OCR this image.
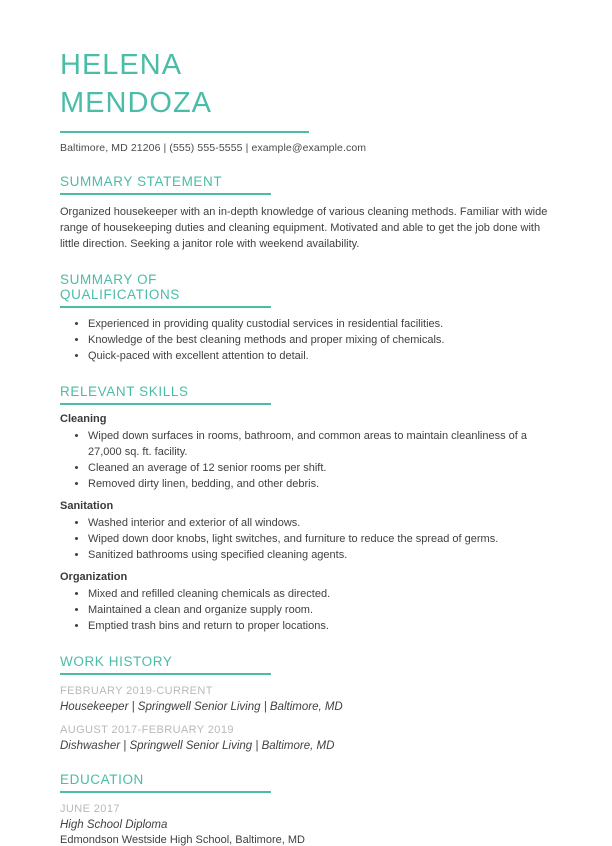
HELENA
MENDOZA
Baltimore, MD 21206 | (555) 555-5555 | example@example.com
SUMMARY STATEMENT

Organized housekeeper with an in-depth knowledge of various cleaning methods. Familiar with wide range of housekeeping duties and cleaning equipment. Motivated and able to get the job done with little direction. Seeking a janitor role with weekend availability.

SUMMARY OF QUALIFICATIONS
• Experienced in providing quality custodial services in residential facilities.
• Knowledge of the best cleaning methods and proper mixing of chemicals.
• Quick-paced with excellent attention to detail.
RELEVANT SKILLS
Cleaning
• Wiped down surfaces in rooms, bathroom, and common areas to maintain cleanliness of a 27,000 sq. ft. facility.
• Cleaned an average of 12 senior rooms per shift.
• Removed dirty linen, bedding, and other debris.
Sanitation
• Washed interior and exterior of all windows.
• Wiped down door knobs, light switches, and furniture to reduce the spread of germs.
• Sanitized bathrooms using specified cleaning agents.
Organization
• Mixed and refilled cleaning chemicals as directed.
• Maintained a clean and organize supply room.
• Emptied trash bins and return to proper locations.
WORK HISTORY
FEBRUARY 2019-CURRENT
Housekeeper | Springwell Senior Living | Baltimore, MD
AUGUST 2017-FEBRUARY 2019
Dishwasher | Springwell Senior Living | Baltimore, MD
EDUCATION
JUNE 2017
High School Diploma
Edmondson Westside High School, Baltimore, MD
